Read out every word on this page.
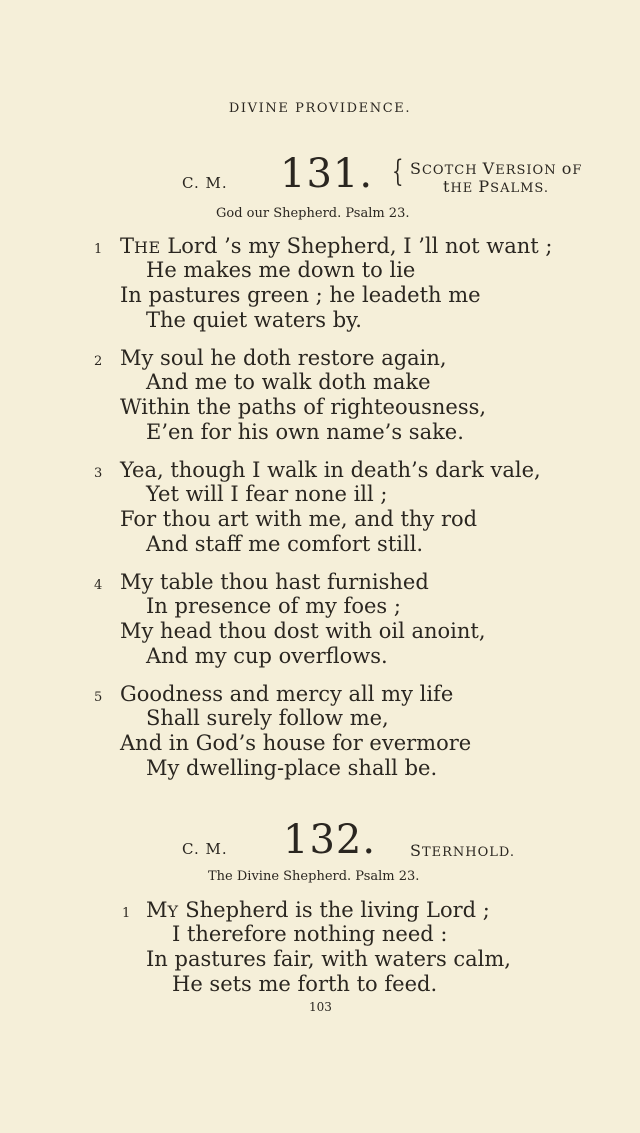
DIVINE PROVIDENCE.
C. M. 131. { SCOTCH VERSION oF
tHE PSALMS.
God our Shepherd. Psalm 23.
1 THE Lord ’s my Shepherd, I ’ll not want ;
He makes me down to lie
In pastures green ; he leadeth me
The quiet waters by.
2 My soul he doth restore again,
And me to walk doth make
Within the paths of righteousness,
E’en for his own name’s sake.
3 Yea, though I walk in death’s dark vale,
Yet will I fear none ill ;
For thou art with me, and thy rod
And staff me comfort still.
4 My table thou hast furnished
In presence of my foes ;
My head thou dost with oil anoint,
And my cup overflows.
5 Goodness and mercy all my life
Shall surely follow me,
And in God’s house for evermore
My dwelling-place shall be.
C. M. 132. STERNHOLD.
The Divine Shepherd. Psalm 23.
1 MY Shepherd is the living Lord ;
I therefore nothing need :
In pastures fair, with waters calm,
He sets me forth to feed.
103
